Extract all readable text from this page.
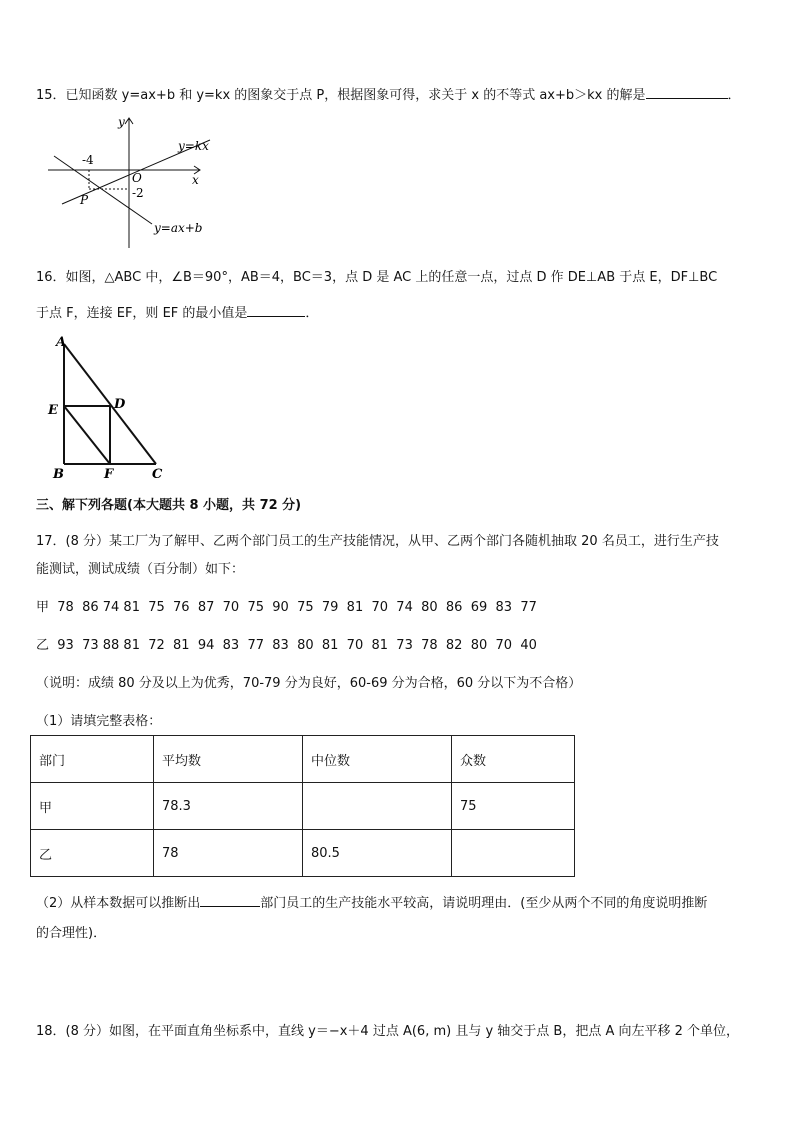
15．已知函数 y=ax+b 和 y=kx 的图象交于点 P，根据图象可得，求关于 x 的不等式 ax+b＞kx 的解是	．
y
x
O
-4
-2
P
y=kx
y=ax+b
16．如图，△ABC 中，∠B＝90°，AB＝4，BC＝3，点 D 是 AC 上的任意一点，过点 D 作 DE⊥AB 于点 E，DF⊥BC
于点 F，连接 EF，则 EF 的最小值是	．
A
B	C
D
E
F
三、解下列各题(本大题共 8 小题，共 72 分)
17．(8 分）某工厂为了解甲、乙两个部门员工的生产技能情况，从甲、乙两个部门各随机抽取 20 名员工，进行生产技
能测试，测试成绩（百分制）如下：
甲  78  86 74 81  75  76  87  70  75  90  75  79  81  70  74  80  86  69  83  77
乙  93  73 88 81  72  81  94  83  77  83  80  81  70  81  73  78  82  80  70  40
（说明：成绩 80 分及以上为优秀，70-79 分为良好，60-69 分为合格，60 分以下为不合格）
（1）请填完整表格：
部门	平均数	中位数	众数
甲	78.3		75
乙	78	80.5	
（2）从样本数据可以推断出	部门员工的生产技能水平较高，请说明理由．(至少从两个不同的角度说明推断
的合理性)．
18．(8 分）如图，在平面直角坐标系中，直线 y＝−x＋4 过点 A(6, m) 且与 y 轴交于点 B，把点 A 向左平移 2 个单位，
